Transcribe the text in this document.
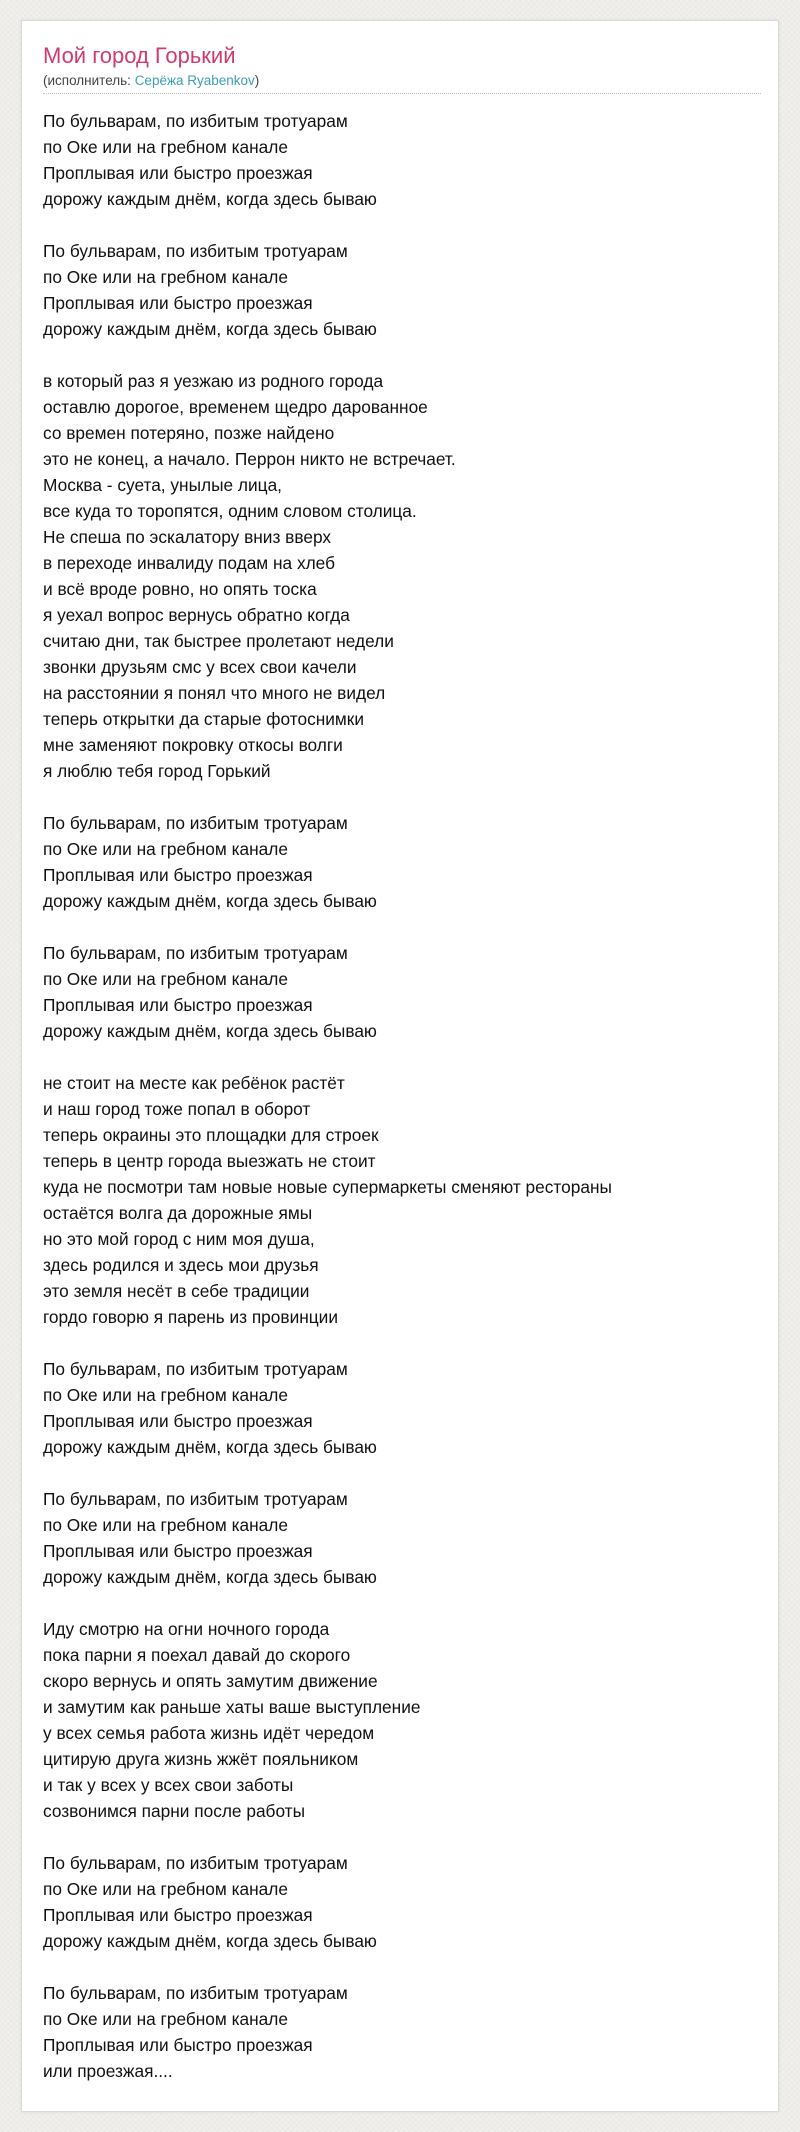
Мой город Горький
(исполнитель: Серёжа Ryabenkov)
По бульварам, по избитым тротуарам
по Оке или на гребном канале
Проплывая или быстро проезжая
дорожу каждым днём, когда здесь бываю
По бульварам, по избитым тротуарам
по Оке или на гребном канале
Проплывая или быстро проезжая
дорожу каждым днём, когда здесь бываю
в который раз я уезжаю из родного города
оставлю дорогое, временем щедро дарованное
со времен потеряно, позже найдено
это не конец, а начало. Перрон никто не встречает.
Москва - суета, унылые лица,
все куда то торопятся, одним словом столица.
Не спеша по эскалатору вниз вверх
в переходе инвалиду подам на хлеб
и всё вроде ровно, но опять тоска
я уехал вопрос вернусь обратно когда
считаю дни, так быстрее пролетают недели
звонки друзьям смс у всех свои качели
на расстоянии я понял что много не видел
теперь открытки да старые фотоснимки
мне заменяют покровку откосы волги
я люблю тебя город Горький
По бульварам, по избитым тротуарам
по Оке или на гребном канале
Проплывая или быстро проезжая
дорожу каждым днём, когда здесь бываю
По бульварам, по избитым тротуарам
по Оке или на гребном канале
Проплывая или быстро проезжая
дорожу каждым днём, когда здесь бываю
не стоит на месте как ребёнок растёт
и наш город тоже попал в оборот
теперь окраины это площадки для строек
теперь в центр города выезжать не стоит
куда не посмотри там новые новые супермаркеты сменяют рестораны
остаётся волга да дорожные ямы
но это мой город с ним моя душа,
здесь родился и здесь мои друзья
это земля несёт в себе традиции
гордо говорю я парень из провинции
По бульварам, по избитым тротуарам
по Оке или на гребном канале
Проплывая или быстро проезжая
дорожу каждым днём, когда здесь бываю
По бульварам, по избитым тротуарам
по Оке или на гребном канале
Проплывая или быстро проезжая
дорожу каждым днём, когда здесь бываю
Иду смотрю на огни ночного города
пока парни я поехал давай до скорого
скоро вернусь и опять замутим движение
и замутим как раньше хаты ваше выступление
у всех семья работа жизнь идёт чередом
цитирую друга жизнь жжёт пояльником
и так у всех у всех свои заботы
созвонимся парни после работы
По бульварам, по избитым тротуарам
по Оке или на гребном канале
Проплывая или быстро проезжая
дорожу каждым днём, когда здесь бываю
По бульварам, по избитым тротуарам
по Оке или на гребном канале
Проплывая или быстро проезжая
или проезжая....
